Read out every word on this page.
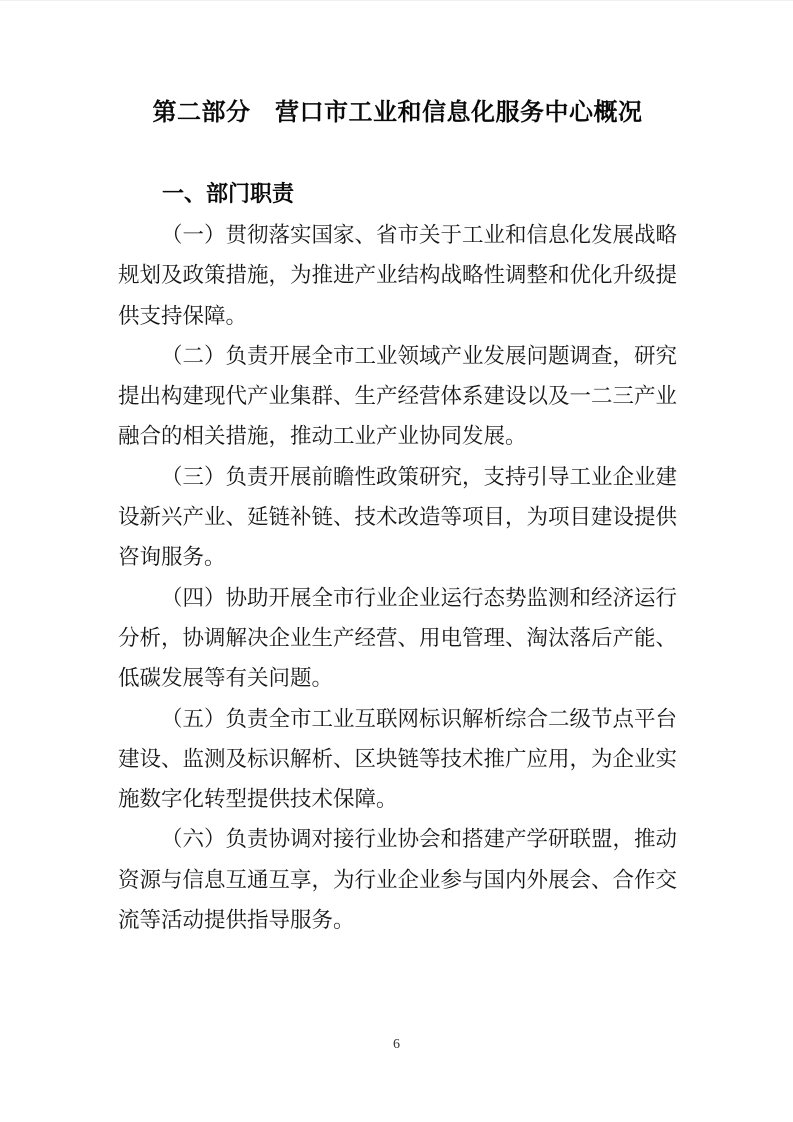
第二部分　营口市工业和信息化服务中心概况
一、部门职责

（一）贯彻落实国家、省市关于工业和信息化发展战略规划及政策措施，为推进产业结构战略性调整和优化升级提供支持保障。

（二）负责开展全市工业领域产业发展问题调查，研究提出构建现代产业集群、生产经营体系建设以及一二三产业融合的相关措施，推动工业产业协同发展。

（三）负责开展前瞻性政策研究，支持引导工业企业建设新兴产业、延链补链、技术改造等项目，为项目建设提供咨询服务。

（四）协助开展全市行业企业运行态势监测和经济运行分析，协调解决企业生产经营、用电管理、淘汰落后产能、低碳发展等有关问题。

（五）负责全市工业互联网标识解析综合二级节点平台建设、监测及标识解析、区块链等技术推广应用，为企业实施数字化转型提供技术保障。

（六）负责协调对接行业协会和搭建产学研联盟，推动资源与信息互通互享，为行业企业参与国内外展会、合作交流等活动提供指导服务。

6
